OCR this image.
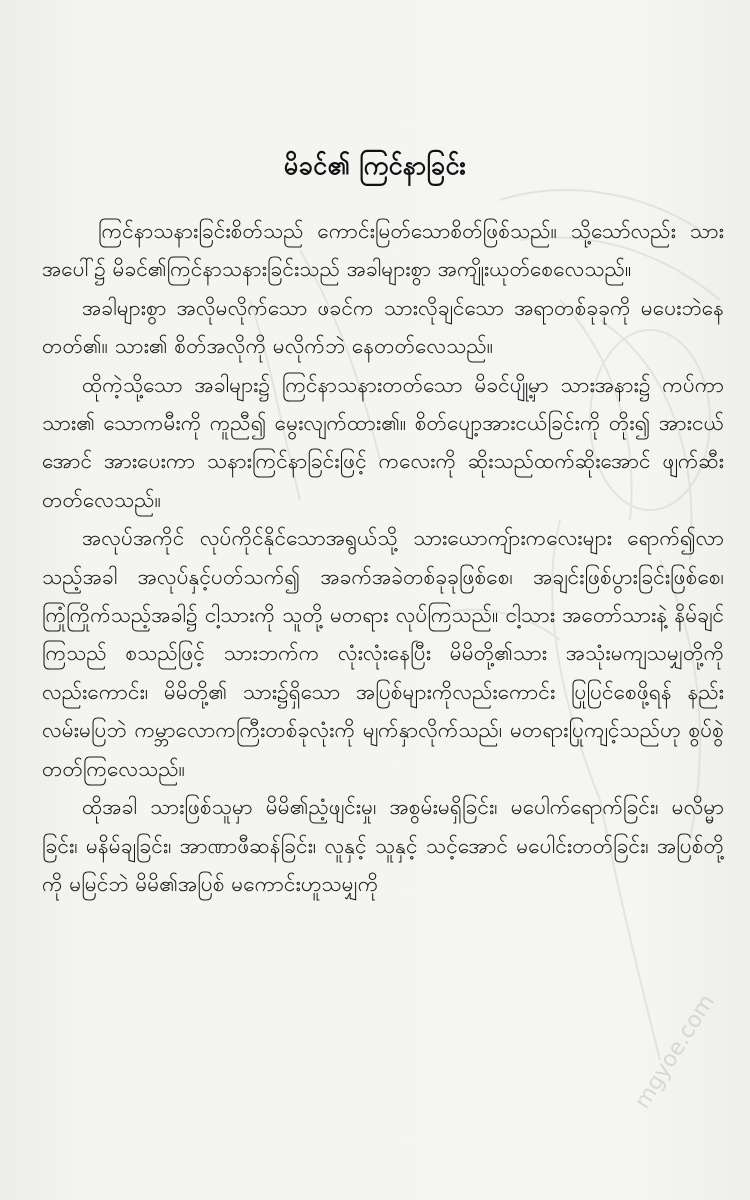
မိခင်၏ ကြင်နာခြင်း

ကြင်နာသနားခြင်းစိတ်သည် ကောင်းမြတ်သောစိတ်ဖြစ်သည်။ သို့သော်လည်း သားအပေါ်၌ မိခင်၏ကြင်နာသနားခြင်းသည် အခါများစွာ အကျိုးယုတ်စေလေသည်။

အခါများစွာ အလိုမလိုက်သော ဖခင်က သားလိုချင်သော အရာတစ်ခုခုကို မပေးဘဲနေတတ်၏။ သား၏ စိတ်အလိုကို မလိုက်ဘဲ နေတတ်လေသည်။

ထိုကဲ့သို့သော အခါများ၌ ကြင်နာသနားတတ်သော မိခင်ပျို့မှာ သားအနား၌ ကပ်ကာ သား၏ သောကမီးကို ကူညီ၍ မွေးလျက်ထား၏။ စိတ်ပျော့အားငယ်ခြင်းကို တိုး၍ အားငယ်အောင် အားပေးကာ သနားကြင်နာခြင်းဖြင့် ကလေးကို ဆိုးသည်ထက်ဆိုးအောင် ဖျက်ဆီးတတ်လေသည်။

အလုပ်အကိုင် လုပ်ကိုင်နိုင်သောအရွယ်သို့ သားယောကျ်ားကလေးများ ရောက်၍လာသည့်အခါ အလုပ်နှင့်ပတ်သက်၍ အခက်အခဲတစ်ခုခုဖြစ်စေ၊ အချင်းဖြစ်ပွားခြင်းဖြစ်စေ၊ ကြုံကြိုက်သည့်အခါ၌ ငါ့သားကို သူတို့ မတရား လုပ်ကြသည်။ ငါ့သား အတော်သားနဲ့ နိမ်ချင်ကြသည် စသည်ဖြင့် သားဘက်က လုံးလုံးနေပြီး မိမိတို့၏သား အသုံးမကျသမျှတို့ကိုလည်းကောင်း၊ မိမိတို့၏ သား၌ရှိသော အပြစ်များကိုလည်းကောင်း ပြုပြင်စေဖို့ရန် နည်းလမ်းမပြဘဲ ကမ္ဘာလောကကြီးတစ်ခုလုံးကို မျက်နှာလိုက်သည်၊ မတရားပြုကျင့်သည်ဟု စွပ်စွဲတတ်ကြလေသည်။

ထိုအခါ သားဖြစ်သူမှာ မိမိ၏ညံ့ဖျင်းမှု၊ အစွမ်းမရှိခြင်း၊ မပေါက်ရောက်ခြင်း၊ မလိမ္မာခြင်း၊ မနိမ်ချခြင်း၊ အာဏာဖီဆန်ခြင်း၊ လူနှင့် သူနှင့် သင့်အောင် မပေါင်းတတ်ခြင်း၊ အပြစ်တို့ကို မမြင်ဘဲ မိမိ၏အပြစ် မကောင်းဟူသမျှကို

mgyoe.com
